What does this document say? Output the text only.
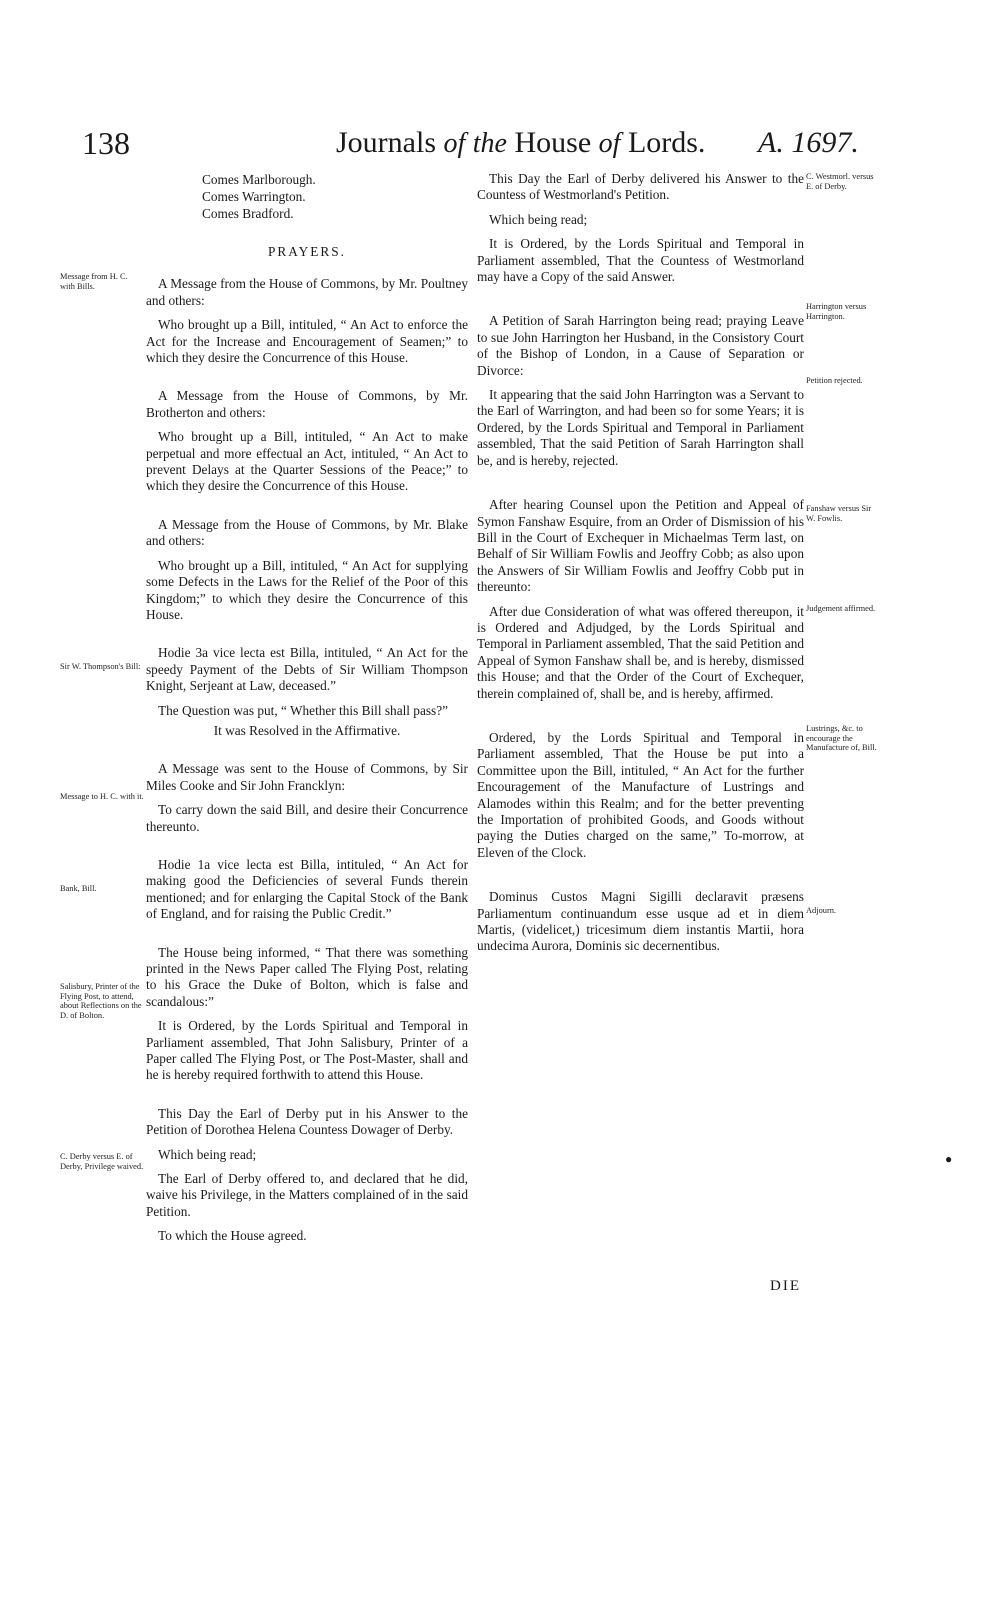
138	Journals of the House of Lords. A. 1697.
Comes Marlborough.
Comes Warrington.
Comes Bradford.

PRAYERS.

A Message from the House of Commons, by Mr. Poultney and others:

Who brought up a Bill, intituled, “ An Act to enforce the Act for the Increase and Encouragement of Seamen;” to which they desire the Concurrence of this House.

A Message from the House of Commons, by Mr. Brotherton and others:

Who brought up a Bill, intituled, “ An Act to make perpetual and more effectual an Act, intituled, “ An Act to prevent Delays at the Quarter Sessions of the Peace;” to which they desire the Concurrence of this House.

A Message from the House of Commons, by Mr. Blake and others:

Who brought up a Bill, intituled, “ An Act for supplying some Defects in the Laws for the Relief of the Poor of this Kingdom;” to which they desire the Concurrence of this House.

Hodie 3a vice lecta est Billa, intituled, “ An Act for the speedy Payment of the Debts of Sir William Thompson Knight, Serjeant at Law, deceased.”

The Question was put, “ Whether this Bill shall pass?”

It was Resolved in the Affirmative.

A Message was sent to the House of Commons, by Sir Miles Cooke and Sir John Francklyn:

To carry down the said Bill, and desire their Concurrence thereunto.

Hodie 1a vice lecta est Billa, intituled, “ An Act for making good the Deficiencies of several Funds therein mentioned; and for enlarging the Capital Stock of the Bank of England, and for raising the Public Credit.”

The House being informed, “ That there was something printed in the News Paper called The Flying Post, relating to his Grace the Duke of Bolton, which is false and scandalous:”

It is Ordered, by the Lords Spiritual and Temporal in Parliament assembled, That John Salisbury, Printer of a Paper called The Flying Post, or The Post-Master, shall and he is hereby required forthwith to attend this House.

This Day the Earl of Derby put in his Answer to the Petition of Dorothea Helena Countess Dowager of Derby.

Which being read;

The Earl of Derby offered to, and declared that he did, waive his Privilege, in the Matters complained of in the said Petition.

To which the House agreed.

Message from H. C. with Bills.
Sir W. Thompson's Bill:
Message to H. C. with it.
Bank, Bill.
Salisbury, Printer of the Flying Post, to attend, about Reflections on the D. of Bolton.
C. Derby versus E. of Derby, Privilege waived.

This Day the Earl of Derby delivered his Answer to the Countess of Westmorland's Petition.

Which being read;

It is Ordered, by the Lords Spiritual and Temporal in Parliament assembled, That the Countess of Westmorland may have a Copy of the said Answer.

A Petition of Sarah Harrington being read; praying Leave to sue John Harrington her Husband, in the Consistory Court of the Bishop of London, in a Cause of Separation or Divorce:

It appearing that the said John Harrington was a Servant to the Earl of Warrington, and had been so for some Years; it is Ordered, by the Lords Spiritual and Temporal in Parliament assembled, That the said Petition of Sarah Harrington shall be, and is hereby, rejected.

After hearing Counsel upon the Petition and Appeal of Symon Fanshaw Esquire, from an Order of Dismission of his Bill in the Court of Exchequer in Michaelmas Term last, on Behalf of Sir William Fowlis and Jeoffry Cobb; as also upon the Answers of Sir William Fowlis and Jeoffry Cobb put in thereunto:

After due Consideration of what was offered thereupon, it is Ordered and Adjudged, by the Lords Spiritual and Temporal in Parliament assembled, That the said Petition and Appeal of Symon Fanshaw shall be, and is hereby, dismissed this House; and that the Order of the Court of Exchequer, therein complained of, shall be, and is hereby, affirmed.

Ordered, by the Lords Spiritual and Temporal in Parliament assembled, That the House be put into a Committee upon the Bill, intituled, “ An Act for the further Encouragement of the Manufacture of Lustrings and Alamodes within this Realm; and for the better preventing the Importation of prohibited Goods, and Goods without paying the Duties charged on the same,” To-morrow, at Eleven of the Clock.

Dominus Custos Magni Sigilli declaravit præsens Parliamentum continuandum esse usque ad et in diem Martis, (videlicet,) tricesimum diem instantis Martii, hora undecima Aurora, Dominis sic decernentibus.

C. Westmorl. versus E. of Derby.
Harrington versus Harrington.
Petition rejected.
Fanshaw versus Sir W. Fowlis.
Judgement affirmed.
Lustrings, &c. to encourage the Manufacture of, Bill.
Adjourn.
●
DIE
